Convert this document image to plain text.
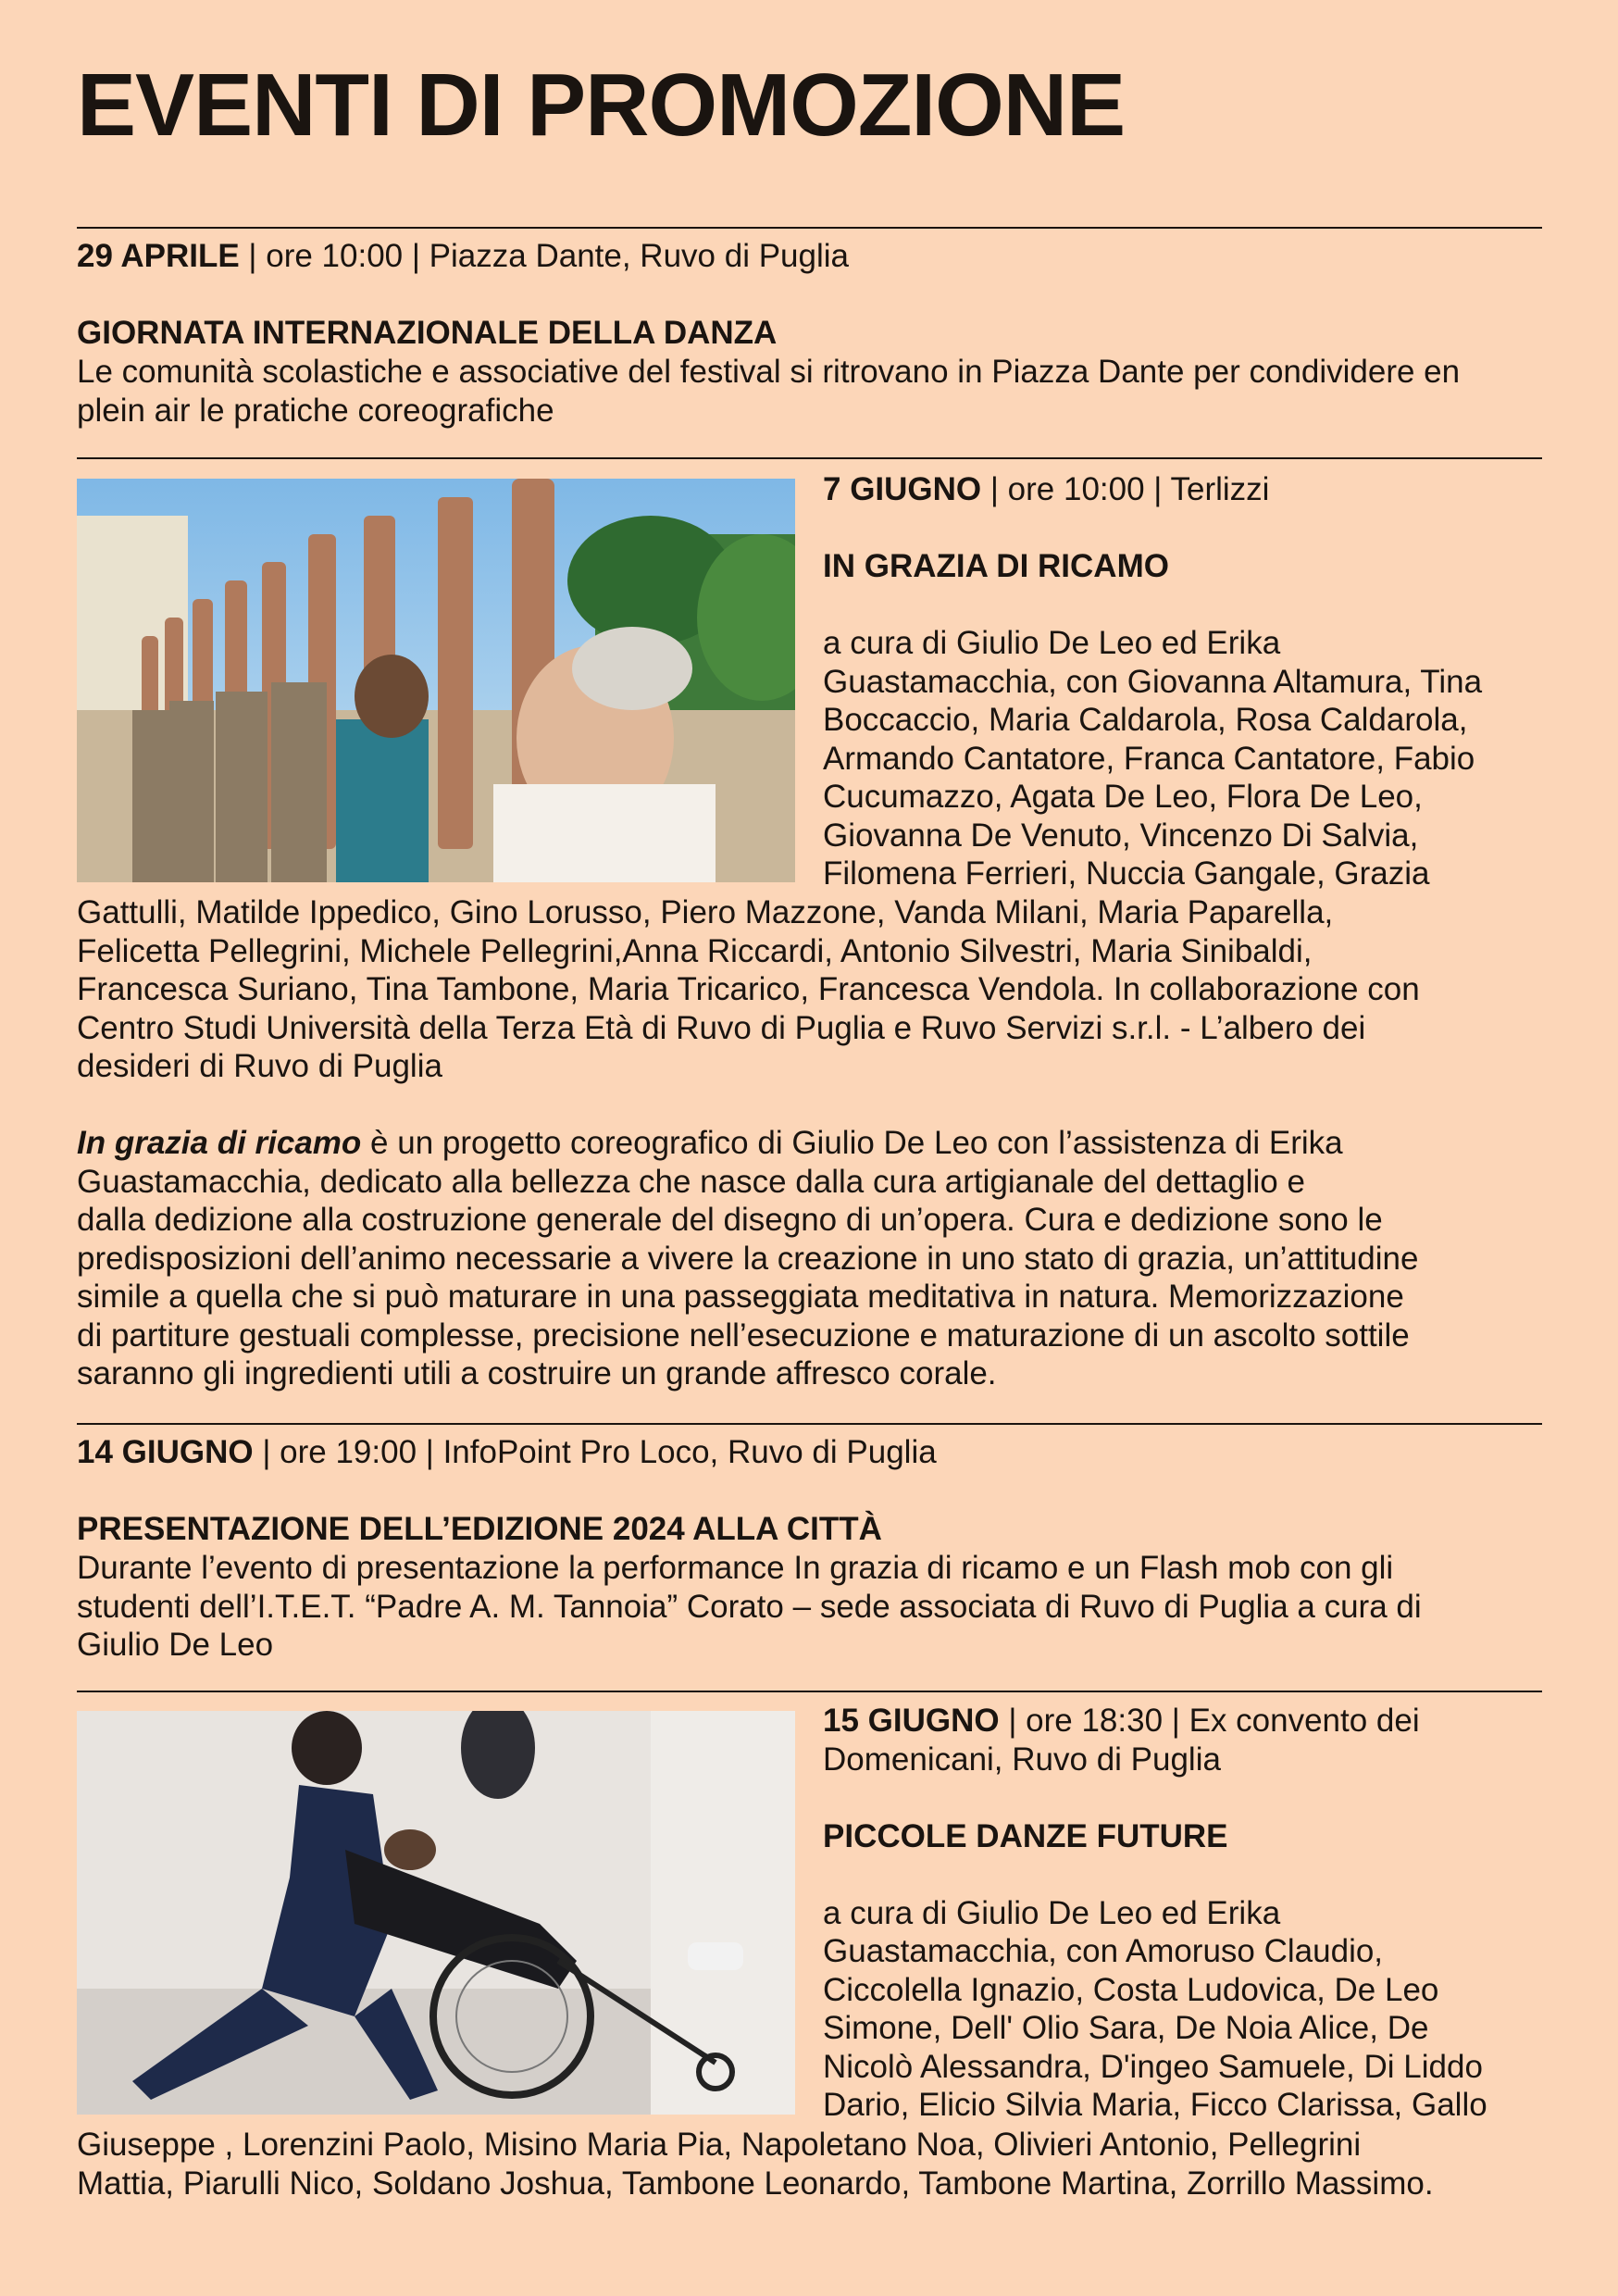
EVENTI DI PROMOZIONE
29 APRILE | ore 10:00 | Piazza Dante, Ruvo di Puglia
GIORNATA INTERNAZIONALE DELLA DANZA
Le comunità scolastiche e associative del festival si ritrovano in Piazza Dante per condividere en plein air le pratiche coreografiche
7 GIUGNO | ore 10:00 | Terlizzi
IN GRAZIA DI RICAMO
a cura di Giulio De Leo ed Erika
Guastamacchia, con Giovanna Altamura, Tina
Boccaccio, Maria Caldarola, Rosa Caldarola,
Armando Cantatore, Franca Cantatore, Fabio
Cucumazzo, Agata De Leo, Flora De Leo,
Giovanna De Venuto, Vincenzo Di Salvia,
Filomena Ferrieri, Nuccia Gangale, Grazia
Gattulli, Matilde Ippedico, Gino Lorusso, Piero Mazzone, Vanda Milani, Maria Paparella,
Felicetta Pellegrini, Michele Pellegrini,Anna Riccardi, Antonio Silvestri, Maria Sinibaldi,
Francesca Suriano, Tina Tambone, Maria Tricarico, Francesca Vendola. In collaborazione con
Centro Studi Università della Terza Età di Ruvo di Puglia e Ruvo Servizi s.r.l. - L’albero dei
desideri di Ruvo di Puglia
In grazia di ricamo è un progetto coreografico di Giulio De Leo con l’assistenza di Erika
Guastamacchia, dedicato alla bellezza che nasce dalla cura artigianale del dettaglio e
dalla dedizione alla costruzione generale del disegno di un’opera. Cura e dedizione sono le
predisposizioni dell’animo necessarie a vivere la creazione in uno stato di grazia, un’attitudine
simile a quella che si può maturare in una passeggiata meditativa in natura. Memorizzazione
di partiture gestuali complesse, precisione nell’esecuzione e maturazione di un ascolto sottile
saranno gli ingredienti utili a costruire un grande affresco corale.
14 GIUGNO | ore 19:00 | InfoPoint Pro Loco, Ruvo di Puglia
PRESENTAZIONE DELL’EDIZIONE 2024 ALLA CITTÀ
Durante l’evento di presentazione la performance In grazia di ricamo e un Flash mob con gli
studenti dell’I.T.E.T. “Padre A. M. Tannoia” Corato – sede associata di Ruvo di Puglia a cura di
Giulio De Leo
15 GIUGNO | ore 18:30 | Ex convento dei
Domenicani, Ruvo di Puglia
PICCOLE DANZE FUTURE
a cura di Giulio De Leo ed Erika
Guastamacchia, con Amoruso Claudio,
Ciccolella Ignazio, Costa Ludovica, De Leo
Simone, Dell' Olio Sara, De Noia Alice, De
Nicolò Alessandra, D'ingeo Samuele, Di Liddo
Dario, Elicio Silvia Maria, Ficco Clarissa, Gallo
Giuseppe , Lorenzini Paolo, Misino Maria Pia, Napoletano Noa, Olivieri Antonio, Pellegrini
Mattia, Piarulli Nico, Soldano Joshua, Tambone Leonardo, Tambone Martina, Zorrillo Massimo.
